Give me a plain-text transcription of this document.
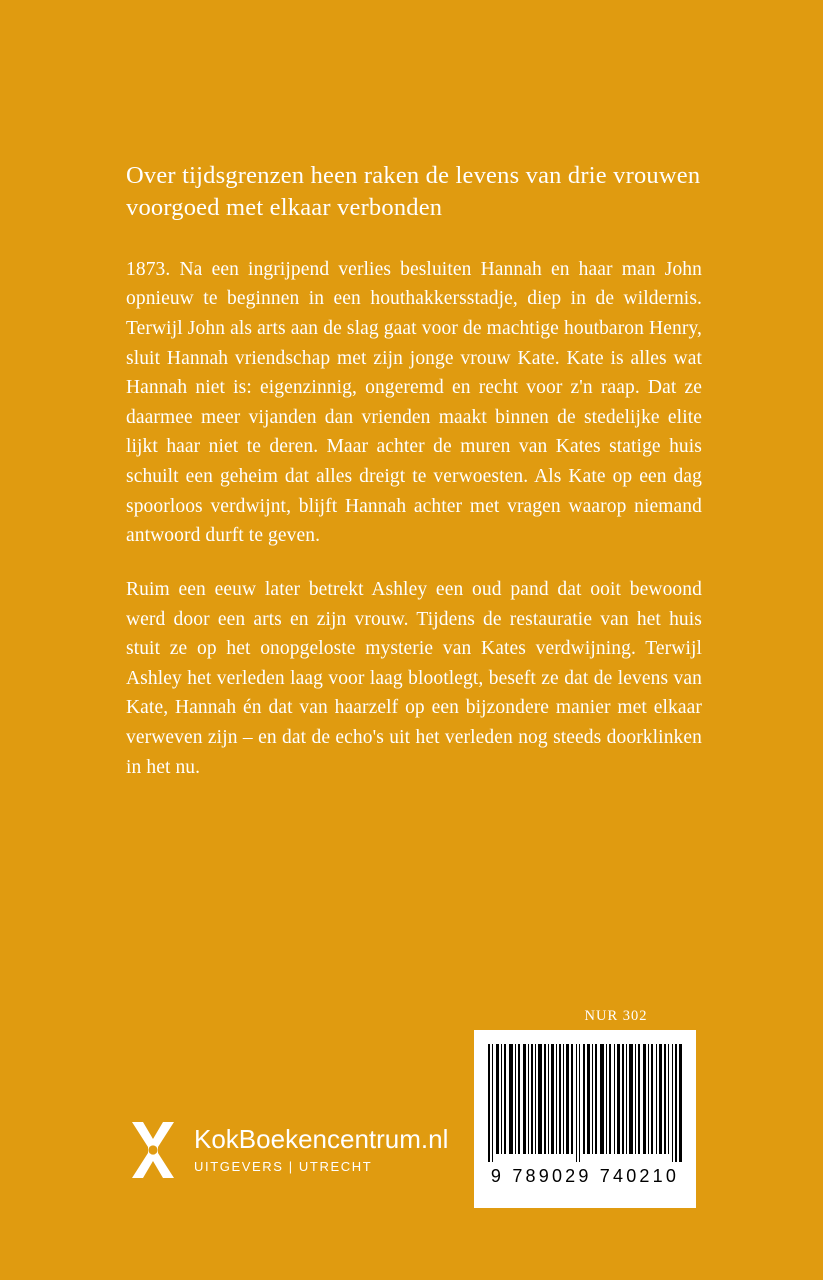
Over tijdsgrenzen heen raken de levens van drie vrouwen voorgoed met elkaar verbonden

1873. Na een ingrijpend verlies besluiten Hannah en haar man John opnieuw te beginnen in een houthakkersstadje, diep in de wildernis. Terwijl John als arts aan de slag gaat voor de machtige houtbaron Henry, sluit Hannah vriendschap met zijn jonge vrouw Kate. Kate is alles wat Hannah niet is: eigenzinnig, ongeremd en recht voor z'n raap. Dat ze daarmee meer vijanden dan vrienden maakt binnen de stedelijke elite lijkt haar niet te deren. Maar achter de muren van Kates statige huis schuilt een geheim dat alles dreigt te verwoesten. Als Kate op een dag spoorloos verdwijnt, blijft Hannah achter met vragen waarop niemand antwoord durft te geven.

Ruim een eeuw later betrekt Ashley een oud pand dat ooit bewoond werd door een arts en zijn vrouw. Tijdens de restauratie van het huis stuit ze op het onopgeloste mysterie van Kates verdwijning. Terwijl Ashley het verleden laag voor laag blootlegt, beseft ze dat de levens van Kate, Hannah én dat van haarzelf op een bijzondere manier met elkaar verweven zijn – en dat de echo's uit het verleden nog steeds doorklinken in het nu.

NUR 302
9 789029 740210
KokBoekencentrum.nl
UITGEVERS | UTRECHT
